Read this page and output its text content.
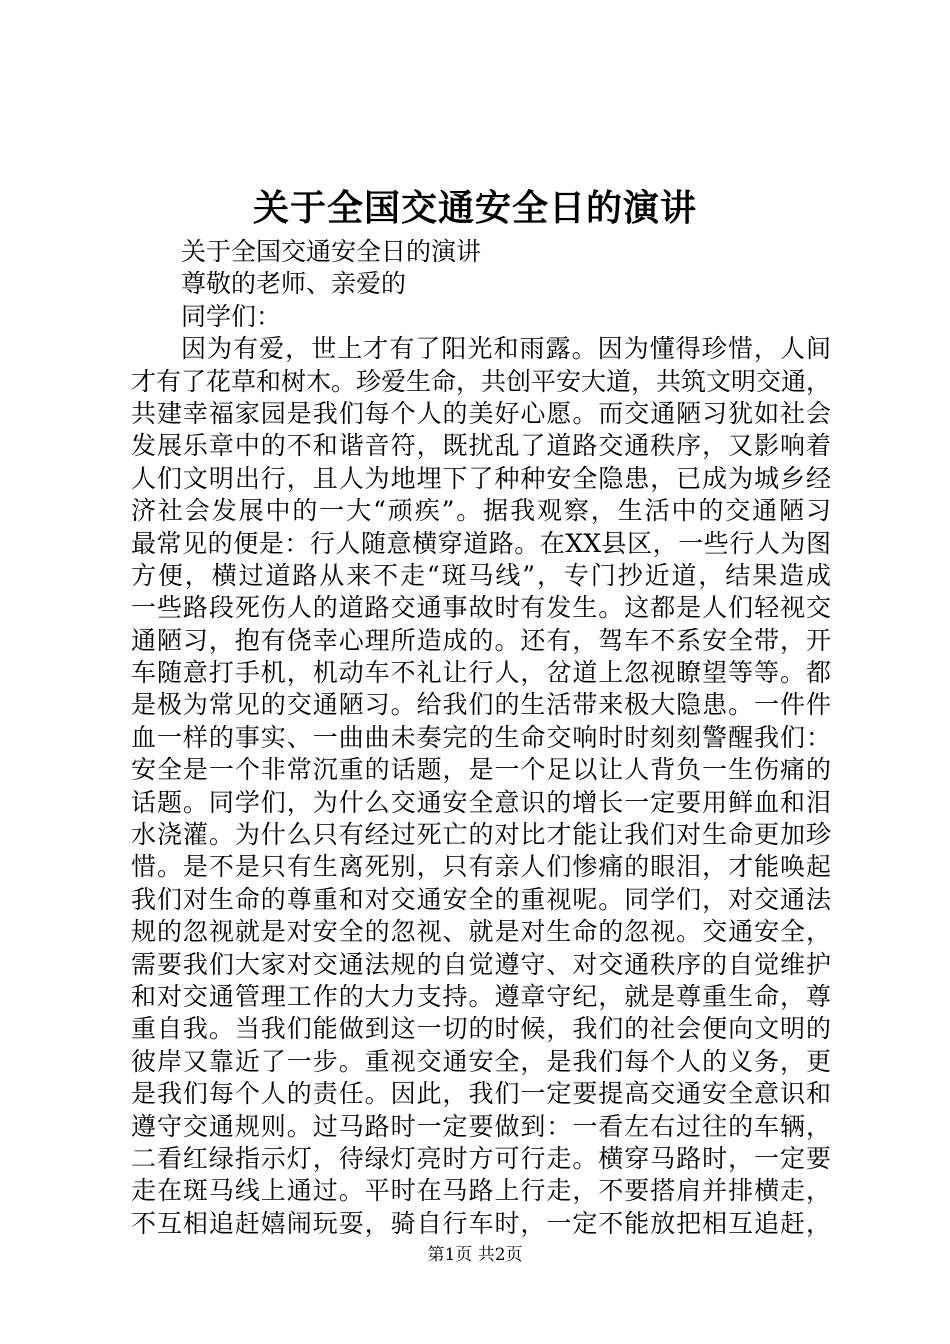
关于全国交通安全日的演讲
关于全国交通安全日的演讲
尊敬的老师、亲爱的
同学们：
因为有爱，世上才有了阳光和雨露。因为懂得珍惜，人间
才有了花草和树木。珍爱生命，共创平安大道，共筑文明交通，
共建幸福家园是我们每个人的美好心愿。而交通陋习犹如社会
发展乐章中的不和谐音符，既扰乱了道路交通秩序，又影响着
人们文明出行，且人为地埋下了种种安全隐患，已成为城乡经
济社会发展中的一大“顽疾”。据我观察，生活中的交通陋习
最常见的便是：行人随意横穿道路。在XX县区，一些行人为图
方便，横过道路从来不走“斑马线”，专门抄近道，结果造成
一些路段死伤人的道路交通事故时有发生。这都是人们轻视交
通陋习，抱有侥幸心理所造成的。还有，驾车不系安全带，开
车随意打手机，机动车不礼让行人，岔道上忽视瞭望等等。都
是极为常见的交通陋习。给我们的生活带来极大隐患。一件件
血一样的事实、一曲曲未奏完的生命交响时时刻刻警醒我们：
安全是一个非常沉重的话题，是一个足以让人背负一生伤痛的
话题。同学们，为什么交通安全意识的增长一定要用鲜血和泪
水浇灌。为什么只有经过死亡的对比才能让我们对生命更加珍
惜。是不是只有生离死别，只有亲人们惨痛的眼泪，才能唤起
我们对生命的尊重和对交通安全的重视呢。同学们，对交通法
规的忽视就是对安全的忽视、就是对生命的忽视。交通安全，
需要我们大家对交通法规的自觉遵守、对交通秩序的自觉维护
和对交通管理工作的大力支持。遵章守纪，就是尊重生命，尊
重自我。当我们能做到这一切的时候，我们的社会便向文明的
彼岸又靠近了一步。重视交通安全，是我们每个人的义务，更
是我们每个人的责任。因此，我们一定要提高交通安全意识和
遵守交通规则。过马路时一定要做到：一看左右过往的车辆，
二看红绿指示灯，待绿灯亮时方可行走。横穿马路时，一定要
走在斑马线上通过。平时在马路上行走，不要搭肩并排横走，
不互相追赶嬉闹玩耍，骑自行车时，一定不能放把相互追赶，
第1页 共2页
